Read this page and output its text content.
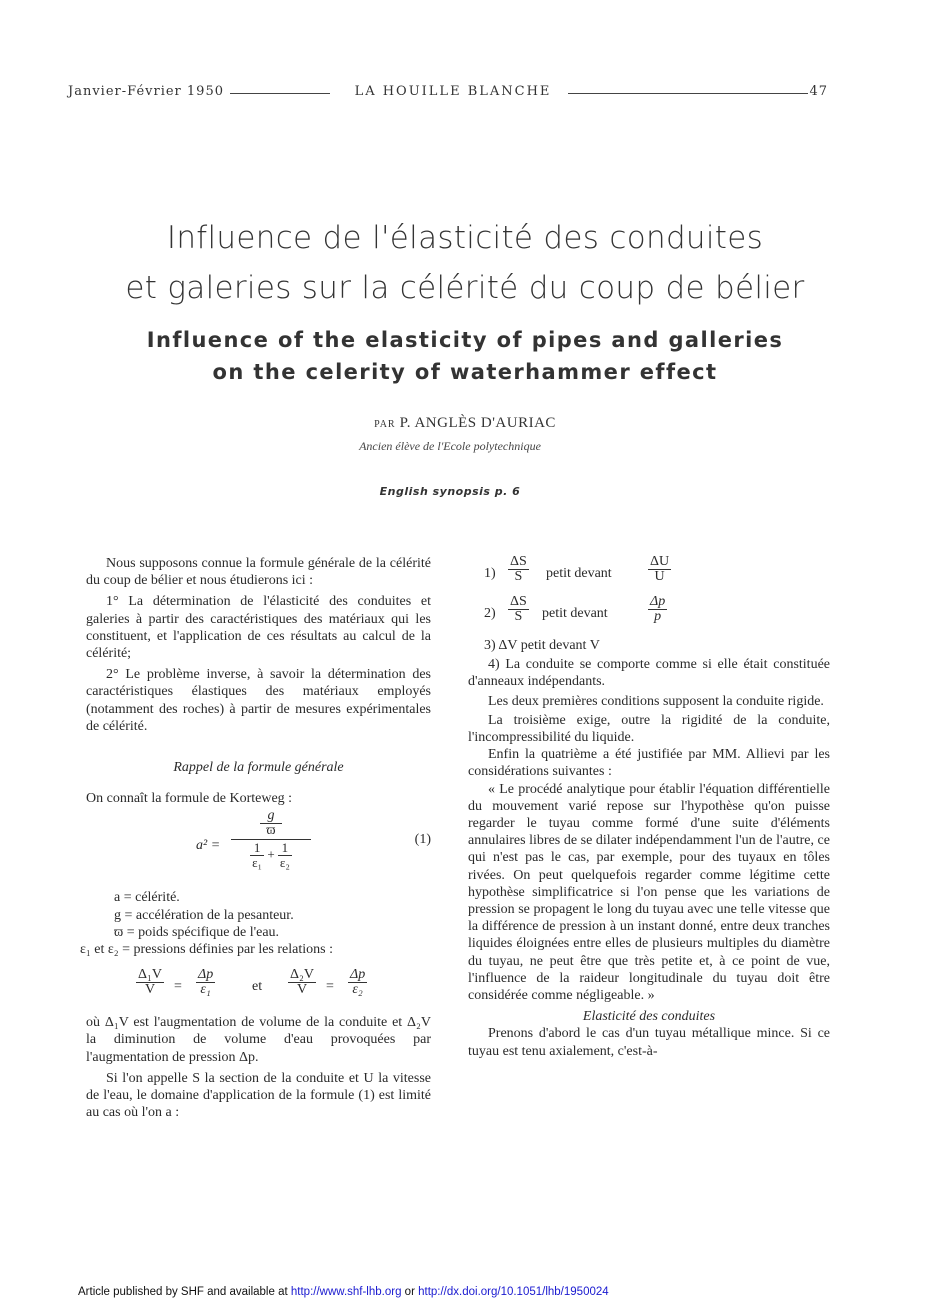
Janvier-Février 1950	LA HOUILLE BLANCHE	47
Influence de l'élasticité des conduites
et galeries sur la célérité du coup de bélier
Influence of the elasticity of pipes and galleries
on the celerity of waterhammer effect
PAR P. ANGLÈS D'AURIAC
Ancien élève de l'Ecole polytechnique
English synopsis p. 6

Nous supposons connue la formule générale de la célérité du coup de bélier et nous étudierons ici :

1° La détermination de l'élasticité des conduites et galeries à partir des caractéristiques des matériaux qui les constituent, et l'application de ces résultats au calcul de la célérité;

2° Le problème inverse, à savoir la détermination des caractéristiques élastiques des matériaux employés (notamment des roches) à partir de mesures expérimentales de célérité.

Rappel de la formule générale

On connaît la formule de Korteweg :

a² =
g
ϖ
$\frac{1}{\text{ε₁}} + \frac{1}{\text{ε₂}}$
(1)

a = célérité.

g = accélération de la pesanteur.

ϖ = poids spécifique de l'eau.

ε₁ et ε₂ = pressions définies par les relations :

$\frac{\text{Δ₁V}}{V} = \frac{\Delta p}{\text{ε₁}}$	et $\frac{\text{Δ₂V}}{V} = \frac{\Delta p}{\text{ε₂}}$

où Δ₁V est l'augmentation de volume de la conduite et Δ₂V la diminution de volume d'eau provoquées par l'augmentation de pression Δp.

Si l'on appelle S la section de la conduite et U la vitesse de l'eau, le domaine d'application de la formule (1) est limité au cas où l'on a :

$1) \frac{\Delta S}{S}$ petit devant	$\frac{\Delta U}{U}$
$2) \frac{\Delta S}{S}$ petit devant	$\frac{\Delta p}{p}$

3) ΔV petit devant V

4) La conduite se comporte comme si elle était constituée d'anneaux indépendants.

Les deux premières conditions supposent la conduite rigide.

La troisième exige, outre la rigidité de la conduite, l'incompressibilité du liquide.

Enfin la quatrième a été justifiée par MM. Allievi par les considérations suivantes :

« Le procédé analytique pour établir l'équation différentielle du mouvement varié repose sur l'hypothèse qu'on puisse regarder le tuyau comme formé d'une suite d'éléments annulaires libres de se dilater indépendamment l'un de l'autre, ce qui n'est pas le cas, par exemple, pour des tuyaux en tôles rivées. On peut quelquefois regarder comme légitime cette hypothèse simplificatrice si l'on pense que les variations de pression se propagent le long du tuyau avec une telle vitesse que la différence de pression à un instant donné, entre deux tranches liquides éloignées entre elles de plusieurs multiples du diamètre du tuyau, ne peut être que très petite et, à ce point de vue, l'influence de la raideur longitudinale du tuyau doit être considérée comme négligeable. »

Elasticité des conduites

Prenons d'abord le cas d'un tuyau métallique mince. Si ce tuyau est tenu axialement, c'est-à-

Article published by SHF and available at http://www.shf-lhb.org or http://dx.doi.org/10.1051/lhb/1950024
